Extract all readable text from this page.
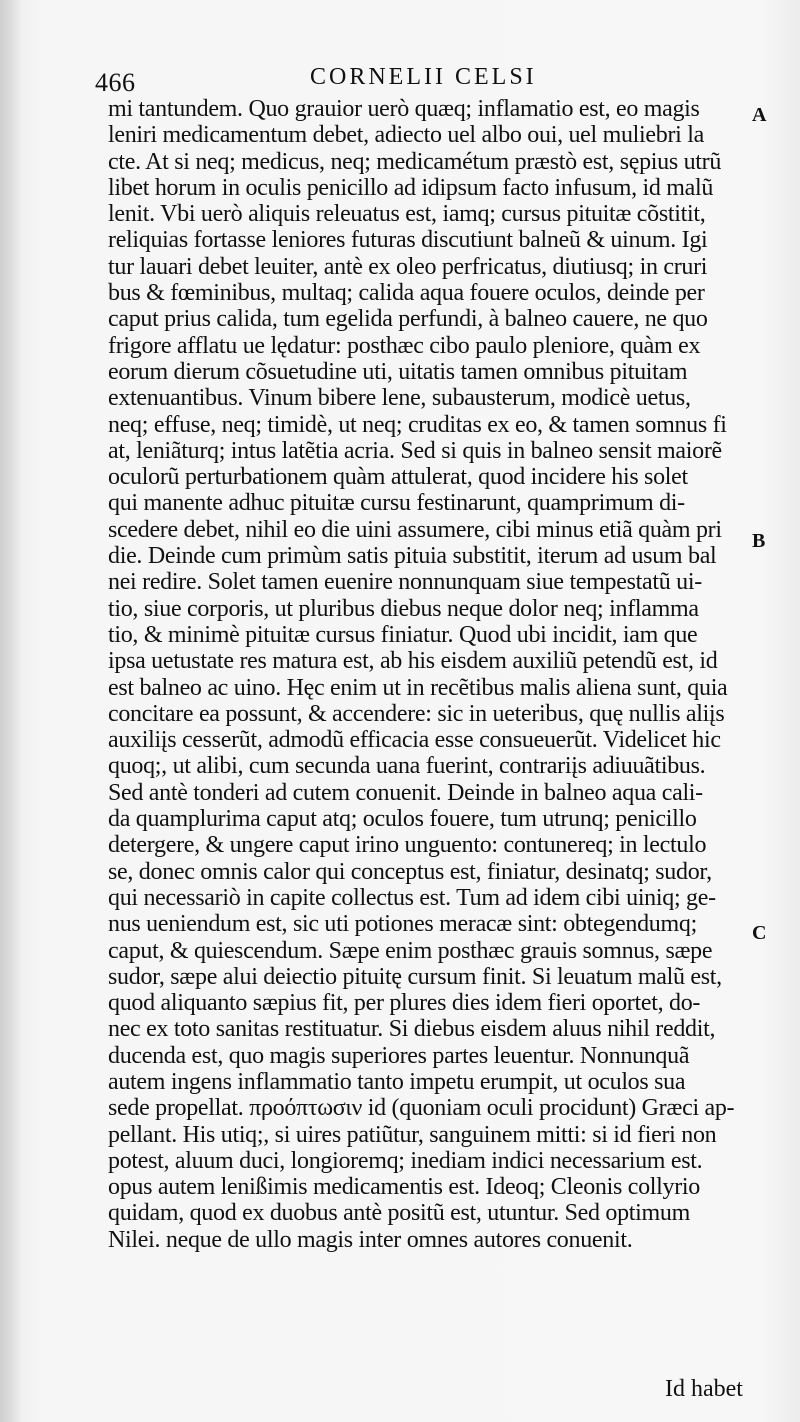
466	CORNELII CELSI
A
B
C
mi tantundem. Quo grauior uerò quæq; inflamatio est, eo magis
leniri medicamentum debet, adiecto uel albo oui, uel muliebri la
cte. At si neq; medicus, neq; medicamétum præstò est, sępius utrũ
libet horum in oculis penicillo ad idipsum facto infusum, id malũ
lenit. Vbi uerò aliquis releuatus est, iamq; cursus pituitæ cõstitit,
reliquias fortasse leniores futuras discutiunt balneũ & uinum. Igi
tur lauari debet leuiter, antè ex oleo perfricatus, diutiusq; in cruri
bus & fœminibus, multaq; calida aqua fouere oculos, deinde per
caput prius calida, tum egelida perfundi, à balneo cauere, ne quo
frigore afflatu ue lędatur: posthæc cibo paulo pleniore, quàm ex
eorum dierum cõsuetudine uti, uitatis tamen omnibus pituitam
extenuantibus. Vinum bibere lene, subausterum, modicè uetus,
neq; effuse, neq; timidè, ut neq; cruditas ex eo, & tamen somnus fi
at, leniãturq; intus latẽtia acria. Sed si quis in balneo sensit maiorẽ
oculorũ perturbationem quàm attulerat, quod incidere his solet
qui manente adhuc pituitæ cursu festinarunt, quamprimum di-
scedere debet, nihil eo die uini assumere, cibi minus etiã quàm pri
die. Deinde cum primùm satis pituia substitit, iterum ad usum bal
nei redire. Solet tamen euenire nonnunquam siue tempestatũ ui-
tio, siue corporis, ut pluribus diebus neque dolor neq; inflamma
tio, & minimè pituitæ cursus finiatur. Quod ubi incidit, iam que
ipsa uetustate res matura est, ab his eisdem auxiliũ petendũ est, id
est balneo ac uino. Hęc enim ut in recẽtibus malis aliena sunt, quia
concitare ea possunt, & accendere: sic in ueteribus, quę nullis aliįs
auxiliįs cesserũt, admodũ efficacia esse consueuerũt. Videlicet hic
quoq;, ut alibi, cum secunda uana fuerint, contrariįs adiuuãtibus.
Sed antè tonderi ad cutem conuenit. Deinde in balneo aqua cali-
da quamplurima caput atq; oculos fouere, tum utrunq; penicillo
detergere, & ungere caput irino unguento: contunereq; in lectulo
se, donec omnis calor qui conceptus est, finiatur, desinatq; sudor,
qui necessariò in capite collectus est. Tum ad idem cibi uiniq; ge-
nus ueniendum est, sic uti potiones meracæ sint: obtegendumq;
caput, & quiescendum. Sæpe enim posthæc grauis somnus, sæpe
sudor, sæpe alui deiectio pituitę cursum finit. Si leuatum malũ est,
quod aliquanto sæpius fit, per plures dies idem fieri oportet, do-
nec ex toto sanitas restituatur. Si diebus eisdem aluus nihil reddit,
ducenda est, quo magis superiores partes leuentur. Nonnunquã
autem ingens inflammatio tanto impetu erumpit, ut oculos sua
sede propellat. προόπτωσιν id (quoniam oculi procidunt) Græci ap-
pellant. His utiq;, si uires patiũtur, sanguinem mitti: si id fieri non
potest, aluum duci, longioremq; inediam indici necessarium est.
opus autem lenißimis medicamentis est. Ideoq; Cleonis collyrio
quidam, quod ex duobus antè positũ est, utuntur. Sed optimum
Nilei. neque de ullo magis inter omnes autores conuenit.
Id habet
